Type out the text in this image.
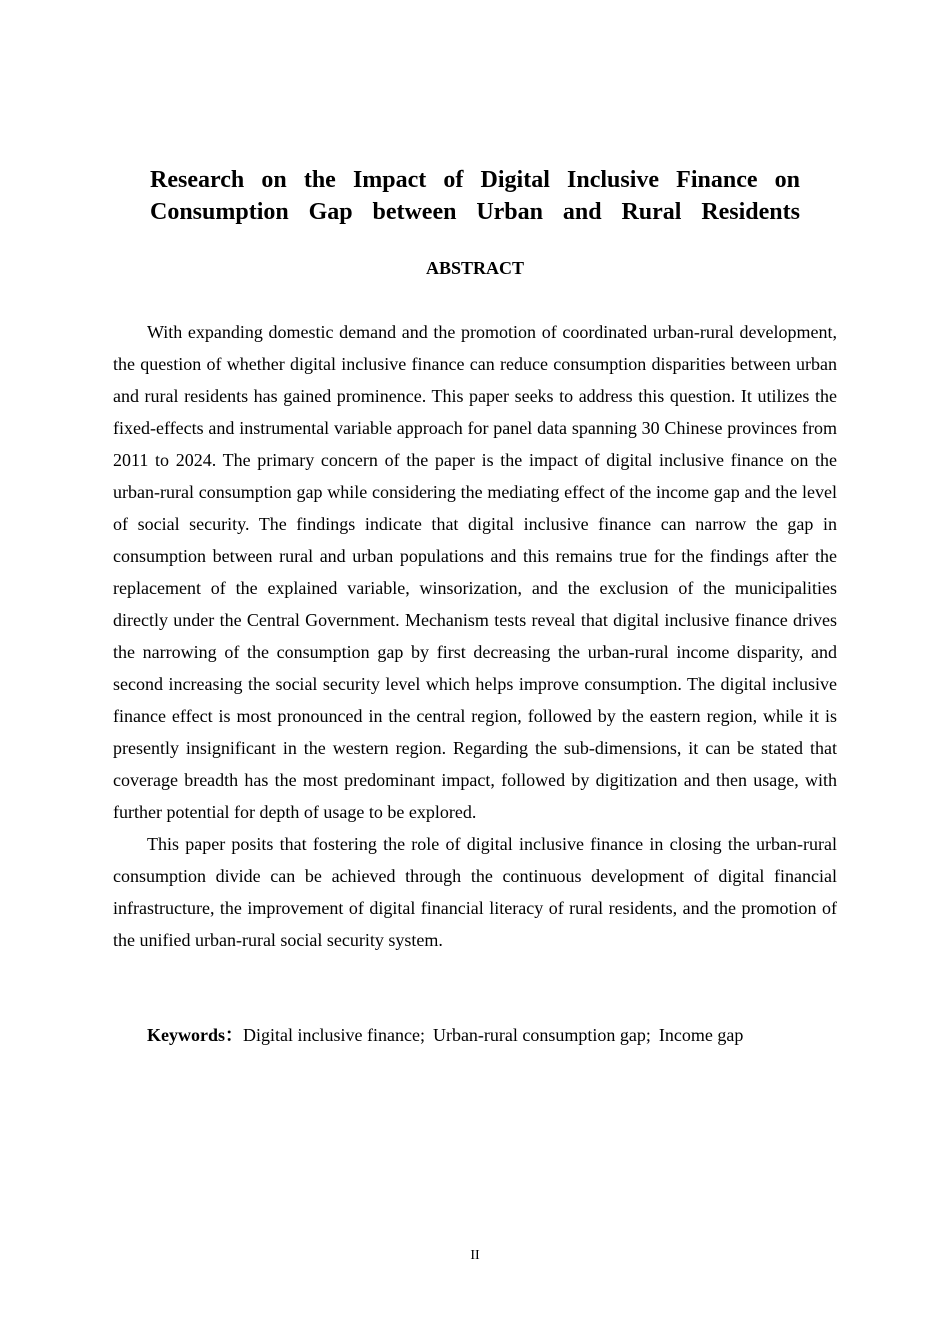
Research on the Impact of Digital Inclusive Finance on
Consumption Gap between Urban and Rural Residents
ABSTRACT

With expanding domestic demand and the promotion of coordinated urban-rural development, the question of whether digital inclusive finance can reduce consumption disparities between urban and rural residents has gained prominence. This paper seeks to address this question. It utilizes the fixed-effects and instrumental variable approach for panel data spanning 30 Chinese provinces from 2011 to 2024. The primary concern of the paper is the impact of digital inclusive finance on the urban-rural consumption gap while considering the mediating effect of the income gap and the level of social security. The findings indicate that digital inclusive finance can narrow the gap in consumption between rural and urban populations and this remains true for the findings after the replacement of the explained variable, winsorization, and the exclusion of the municipalities directly under the Central Government. Mechanism tests reveal that digital inclusive finance drives the narrowing of the consumption gap by first decreasing the urban-rural income disparity, and second increasing the social security level which helps improve consumption. The digital inclusive finance effect is most pronounced in the central region, followed by the eastern region, while it is presently insignificant in the western region. Regarding the sub-dimensions, it can be stated that coverage breadth has the most predominant impact, followed by digitization and then usage, with further potential for depth of usage to be explored.

This paper posits that fostering the role of digital inclusive finance in closing the urban-rural consumption divide can be achieved through the continuous development of digital financial infrastructure, the improvement of digital financial literacy of rural residents, and the promotion of the unified urban-rural social security system.

Keywords：Digital inclusive finance; Urban-rural consumption gap; Income gap

II
